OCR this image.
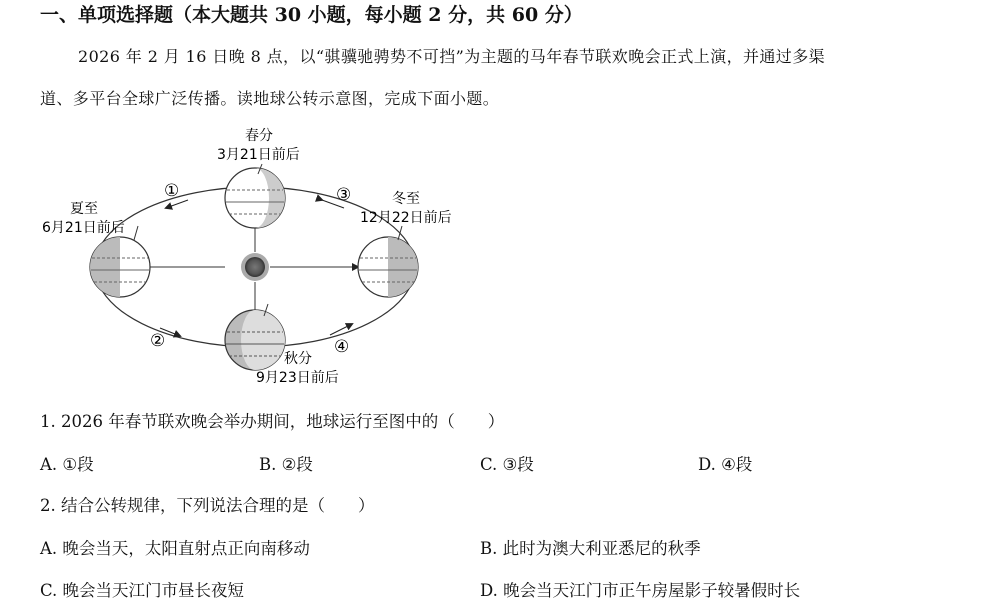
一、单项选择题（本大题共 30 小题，每小题 2 分，共 60 分）
2026 年 2 月 16 日晚 8 点，以“骐骥驰骋势不可挡”为主题的马年春节联欢晚会正式上演，并通过多渠
道、多平台全球广泛传播。读地球公转示意图，完成下面小题。
春分
3月21日前后
夏至
6月21日前后
冬至
12月22日前后
秋分
9月23日前后
①
②
③
④
1. 2026 年春节联欢晚会举办期间，地球运行至图中的（　　）
A. ①段	B. ②段	C. ③段	D. ④段
2. 结合公转规律，下列说法合理的是（　　）
A. 晚会当天，太阳直射点正向南移动	B. 此时为澳大利亚悉尼的秋季
C. 晚会当天江门市昼长夜短	D. 晚会当天江门市正午房屋影子较暑假时长
